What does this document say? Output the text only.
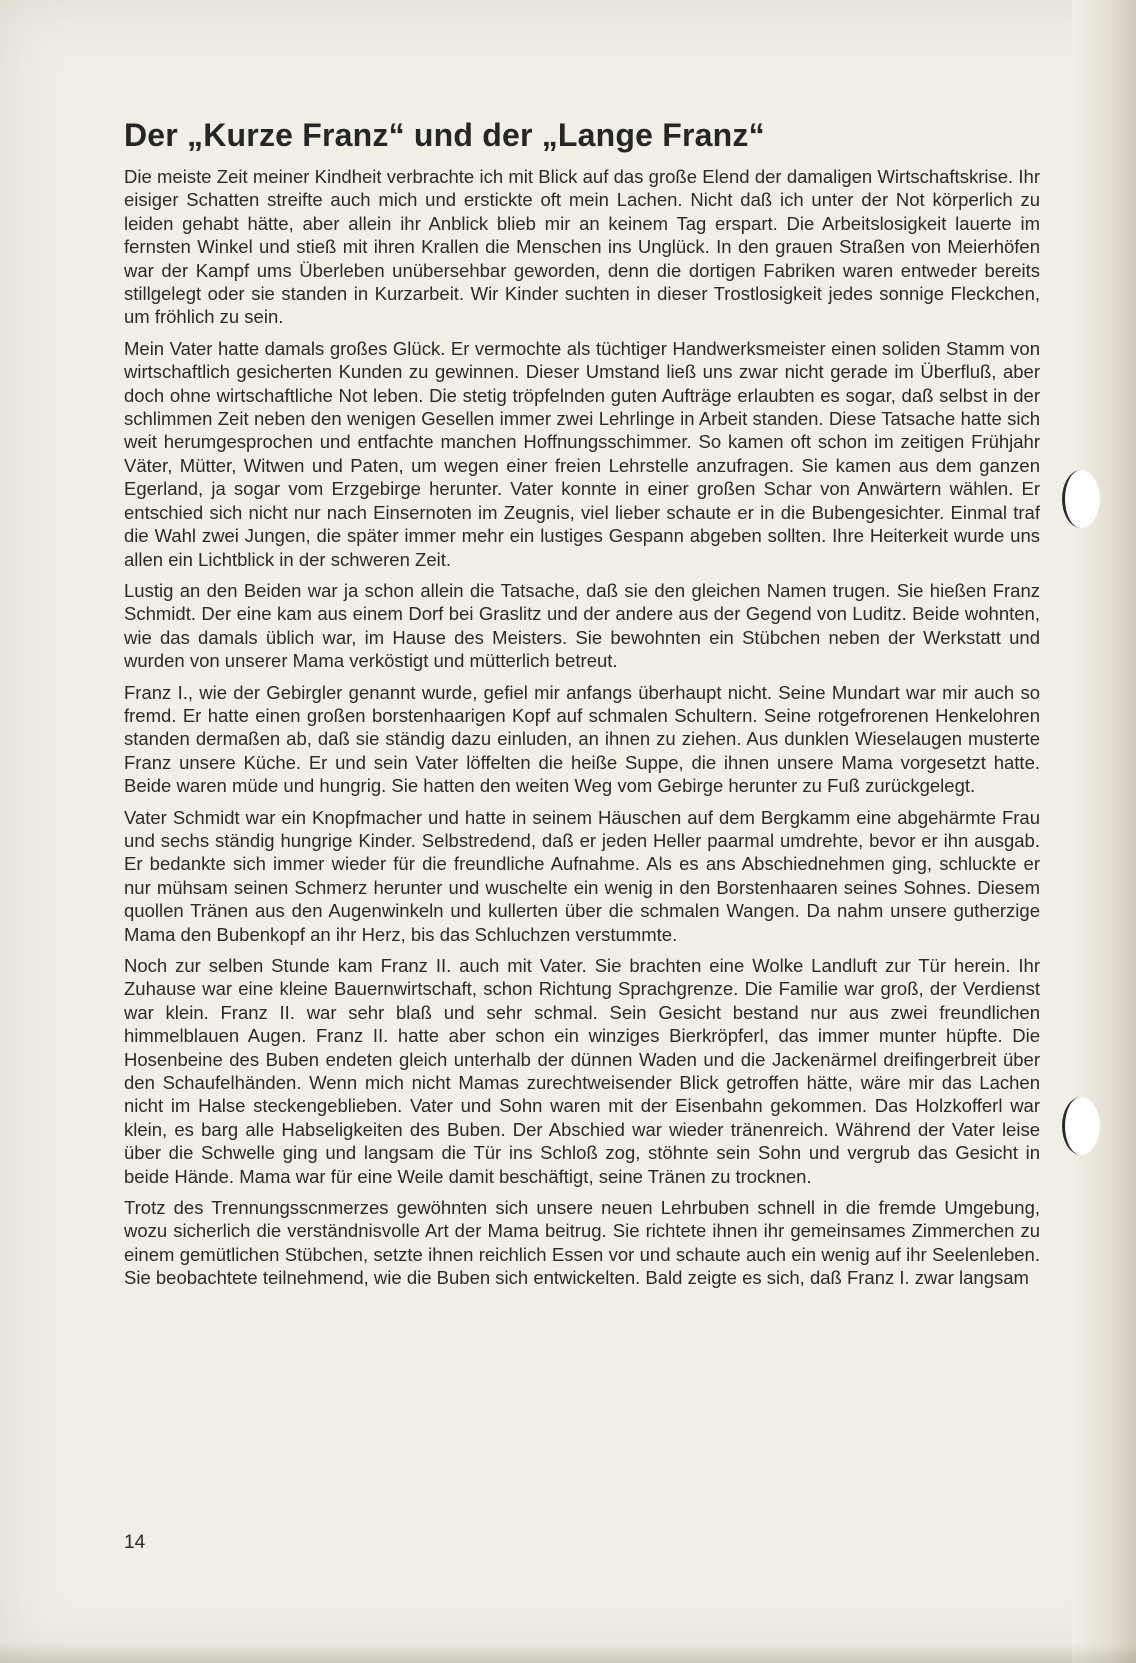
Der „Kurze Franz“ und der „Lange Franz“

Die meiste Zeit meiner Kindheit verbrachte ich mit Blick auf das große Elend der damaligen Wirtschaftskrise. Ihr eisiger Schatten streifte auch mich und erstickte oft mein Lachen. Nicht daß ich unter der Not körperlich zu leiden gehabt hätte, aber allein ihr Anblick blieb mir an keinem Tag erspart. Die Arbeitslosigkeit lauerte im fernsten Winkel und stieß mit ihren Krallen die Menschen ins Unglück. In den grauen Straßen von Meierhöfen war der Kampf ums Überleben unübersehbar geworden, denn die dortigen Fabriken waren entweder bereits stillgelegt oder sie standen in Kurzarbeit. Wir Kinder suchten in dieser Trostlosigkeit jedes sonnige Fleckchen, um fröhlich zu sein.

Mein Vater hatte damals großes Glück. Er vermochte als tüchtiger Handwerksmeister einen soliden Stamm von wirtschaftlich gesicherten Kunden zu gewinnen. Dieser Umstand ließ uns zwar nicht gerade im Überfluß, aber doch ohne wirtschaftliche Not leben. Die stetig tröpfelnden guten Aufträge erlaubten es sogar, daß selbst in der schlimmen Zeit neben den wenigen Gesellen immer zwei Lehrlinge in Arbeit standen. Diese Tatsache hatte sich weit herumgesprochen und entfachte manchen Hoffnungsschimmer. So kamen oft schon im zeitigen Frühjahr Väter, Mütter, Witwen und Paten, um wegen einer freien Lehrstelle anzufragen. Sie kamen aus dem ganzen Egerland, ja sogar vom Erzgebirge herunter. Vater konnte in einer großen Schar von Anwärtern wählen. Er entschied sich nicht nur nach Einsernoten im Zeugnis, viel lieber schaute er in die Bubengesichter. Einmal traf die Wahl zwei Jungen, die später immer mehr ein lustiges Gespann abgeben sollten. Ihre Heiterkeit wurde uns allen ein Lichtblick in der schweren Zeit.

Lustig an den Beiden war ja schon allein die Tatsache, daß sie den gleichen Namen trugen. Sie hießen Franz Schmidt. Der eine kam aus einem Dorf bei Graslitz und der andere aus der Gegend von Luditz. Beide wohnten, wie das damals üblich war, im Hause des Meisters. Sie bewohnten ein Stübchen neben der Werkstatt und wurden von unserer Mama verköstigt und mütterlich betreut.

Franz I., wie der Gebirgler genannt wurde, gefiel mir anfangs überhaupt nicht. Seine Mundart war mir auch so fremd. Er hatte einen großen borstenhaarigen Kopf auf schmalen Schultern. Seine rotgefrorenen Henkelohren standen dermaßen ab, daß sie ständig dazu einluden, an ihnen zu ziehen. Aus dunklen Wieselaugen musterte Franz unsere Küche. Er und sein Vater löffelten die heiße Suppe, die ihnen unsere Mama vorgesetzt hatte. Beide waren müde und hungrig. Sie hatten den weiten Weg vom Gebirge herunter zu Fuß zurückgelegt.

Vater Schmidt war ein Knopfmacher und hatte in seinem Häuschen auf dem Bergkamm eine abgehärmte Frau und sechs ständig hungrige Kinder. Selbstredend, daß er jeden Heller paarmal umdrehte, bevor er ihn ausgab. Er bedankte sich immer wieder für die freundliche Aufnahme. Als es ans Abschiednehmen ging, schluckte er nur mühsam seinen Schmerz herunter und wuschelte ein wenig in den Borstenhaaren seines Sohnes. Diesem quollen Tränen aus den Augenwinkeln und kullerten über die schmalen Wangen. Da nahm unsere gutherzige Mama den Bubenkopf an ihr Herz, bis das Schluchzen verstummte.

Noch zur selben Stunde kam Franz II. auch mit Vater. Sie brachten eine Wolke Landluft zur Tür herein. Ihr Zuhause war eine kleine Bauernwirtschaft, schon Richtung Sprachgrenze. Die Familie war groß, der Verdienst war klein. Franz II. war sehr blaß und sehr schmal. Sein Gesicht bestand nur aus zwei freundlichen himmelblauen Augen. Franz II. hatte aber schon ein winziges Bierkröpferl, das immer munter hüpfte. Die Hosenbeine des Buben endeten gleich unterhalb der dünnen Waden und die Jackenärmel dreifingerbreit über den Schaufelhänden. Wenn mich nicht Mamas zurechtweisender Blick getroffen hätte, wäre mir das Lachen nicht im Halse steckengeblieben. Vater und Sohn waren mit der Eisenbahn gekommen. Das Holzkofferl war klein, es barg alle Habseligkeiten des Buben. Der Abschied war wieder tränenreich. Während der Vater leise über die Schwelle ging und langsam die Tür ins Schloß zog, stöhnte sein Sohn und vergrub das Gesicht in beide Hände. Mama war für eine Weile damit beschäftigt, seine Tränen zu trocknen.

Trotz des Trennungsscnmerzes gewöhnten sich unsere neuen Lehrbuben schnell in die fremde Umgebung, wozu sicherlich die verständnisvolle Art der Mama beitrug. Sie richtete ihnen ihr gemeinsames Zimmerchen zu einem gemütlichen Stübchen, setzte ihnen reichlich Essen vor und schaute auch ein wenig auf ihr Seelenleben. Sie beobachtete teilnehmend, wie die Buben sich entwickelten. Bald zeigte es sich, daß Franz I. zwar langsam

14
